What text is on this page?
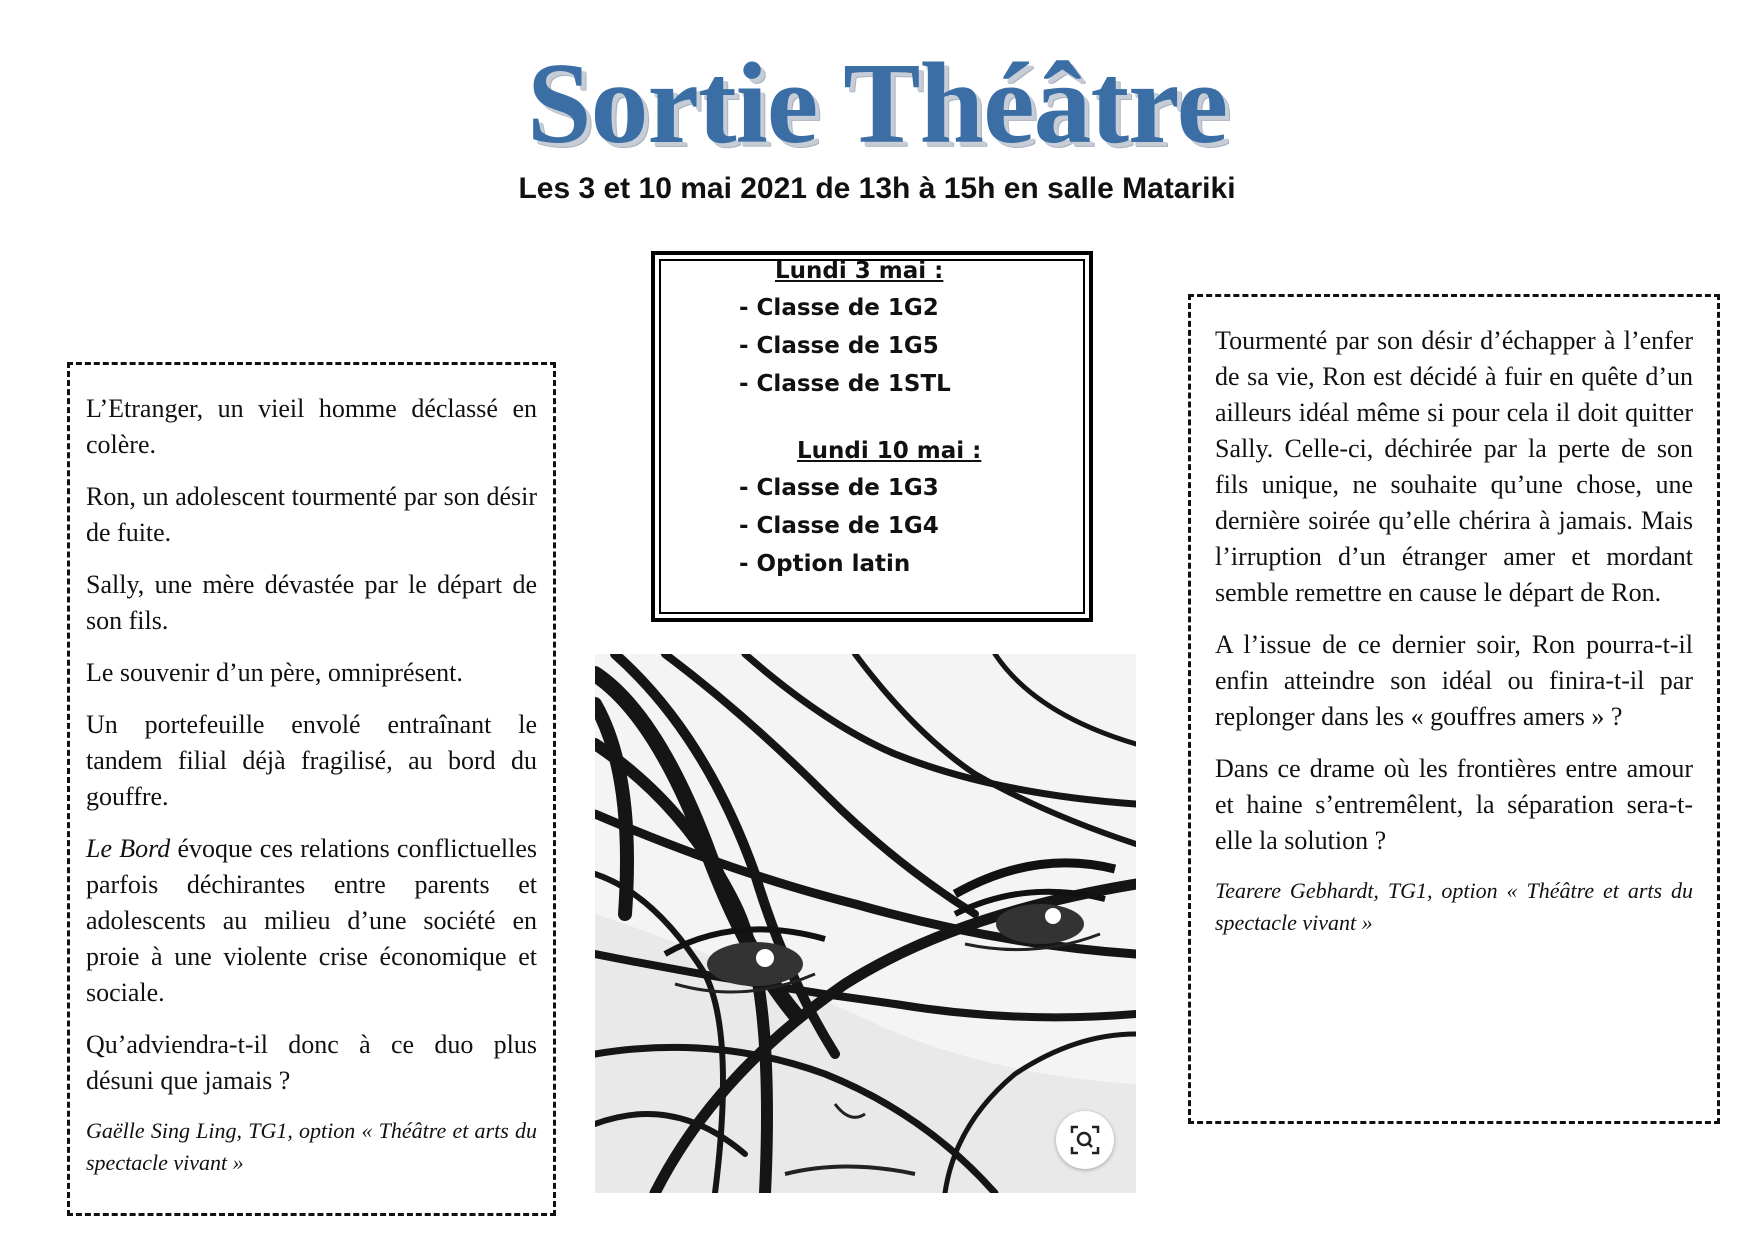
Sortie Théâtre
Les 3 et 10 mai 2021 de 13h à 15h en salle Matariki
Lundi 3 mai :
- Classe de 1G2
- Classe de 1G5
- Classe de 1STL
Lundi 10 mai :
- Classe de 1G3
- Classe de 1G4
- Option latin

L’Etranger, un vieil homme déclassé en colère.

Ron, un adolescent tourmenté par son désir de fuite.

Sally, une mère dévastée par le départ de son fils.

Le souvenir d’un père, omniprésent.

Un portefeuille envolé entraînant le tandem filial déjà fragilisé, au bord du gouffre.

Le Bord évoque ces relations conflictuelles parfois déchirantes entre parents et adolescents au milieu d’une société en proie à une violente crise économique et sociale.

Qu’adviendra-t-il donc à ce duo plus désuni que jamais ?

Gaëlle Sing Ling, TG1, option « Théâtre et arts du spectacle vivant »

Tourmenté par son désir d’échapper à l’enfer de sa vie, Ron est décidé à fuir en quête d’un ailleurs idéal même si pour cela il doit quitter Sally. Celle-ci, déchirée par la perte de son fils unique, ne souhaite qu’une chose, une dernière soirée qu’elle chérira à jamais. Mais l’irruption d’un étranger amer et mordant semble remettre en cause le départ de Ron.

A l’issue de ce dernier soir, Ron pourra-t-il enfin atteindre son idéal ou finira-t-il par replonger dans les « gouffres amers » ?

Dans ce drame où les frontières entre amour et haine s’entremêlent, la séparation sera-t-elle la solution ?

Tearere Gebhardt, TG1, option « Théâtre et arts du spectacle vivant »
